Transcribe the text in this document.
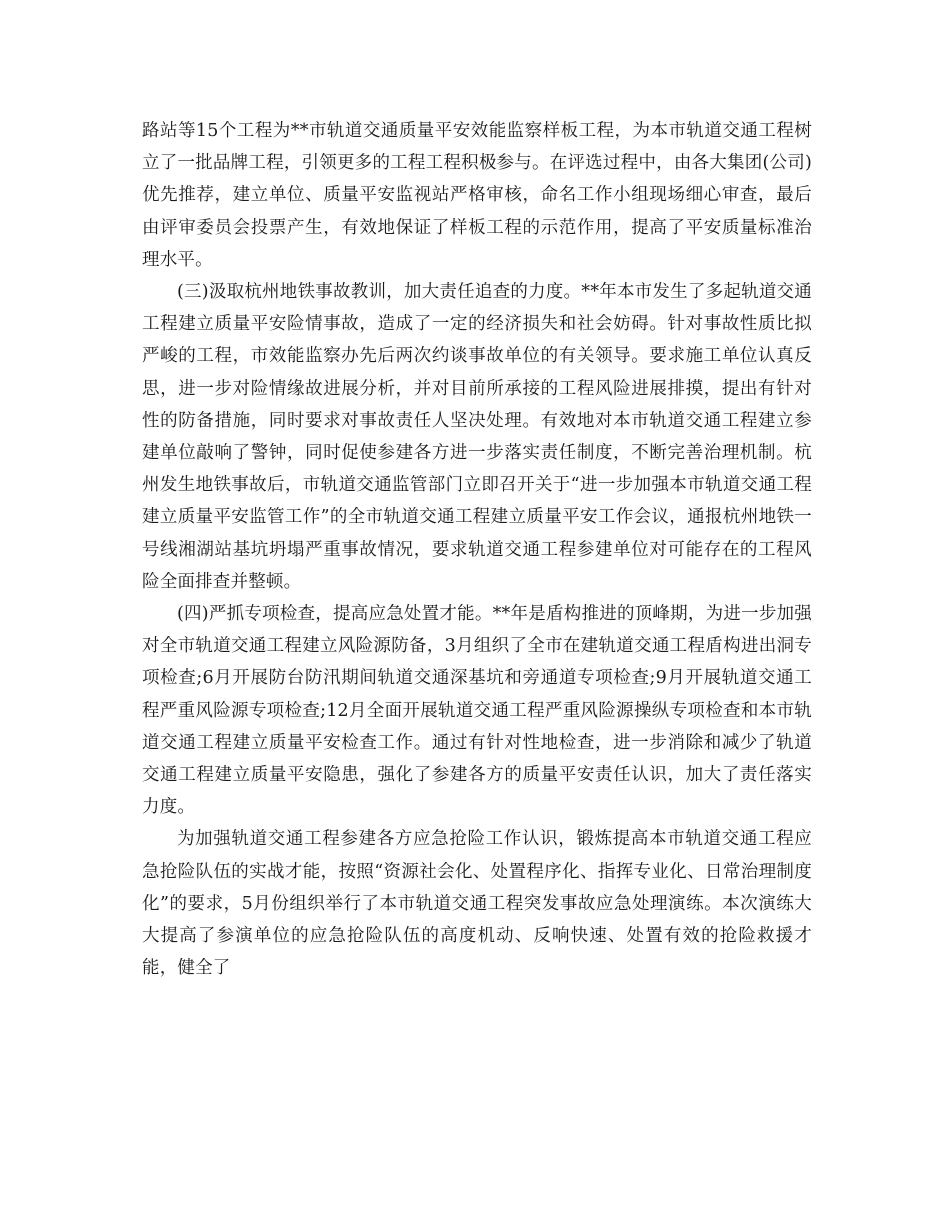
路站等15个工程为**市轨道交通质量平安效能监察样板工程，为本市轨道交通工程树立了一批品牌工程，引领更多的工程工程积极参与。在评选过程中，由各大集团(公司)优先推荐，建立单位、质量平安监视站严格审核，命名工作小组现场细心审查，最后由评审委员会投票产生，有效地保证了样板工程的示范作用，提高了平安质量标准治理水平。

(三)汲取杭州地铁事故教训，加大责任追查的力度。**年本市发生了多起轨道交通工程建立质量平安险情事故，造成了一定的经济损失和社会妨碍。针对事故性质比拟严峻的工程，市效能监察办先后两次约谈事故单位的有关领导。要求施工单位认真反思，进一步对险情缘故进展分析，并对目前所承接的工程风险进展排摸，提出有针对性的防备措施，同时要求对事故责任人坚决处理。有效地对本市轨道交通工程建立参建单位敲响了警钟，同时促使参建各方进一步落实责任制度，不断完善治理机制。杭州发生地铁事故后，市轨道交通监管部门立即召开关于“进一步加强本市轨道交通工程建立质量平安监管工作”的全市轨道交通工程建立质量平安工作会议，通报杭州地铁一号线湘湖站基坑坍塌严重事故情况，要求轨道交通工程参建单位对可能存在的工程风险全面排查并整顿。

(四)严抓专项检查，提高应急处置才能。**年是盾构推进的顶峰期，为进一步加强对全市轨道交通工程建立风险源防备，3月组织了全市在建轨道交通工程盾构进出洞专项检查;6月开展防台防汛期间轨道交通深基坑和旁通道专项检查;9月开展轨道交通工程严重风险源专项检查;12月全面开展轨道交通工程严重风险源操纵专项检查和本市轨道交通工程建立质量平安检查工作。通过有针对性地检查，进一步消除和减少了轨道交通工程建立质量平安隐患，强化了参建各方的质量平安责任认识，加大了责任落实力度。

为加强轨道交通工程参建各方应急抢险工作认识，锻炼提高本市轨道交通工程应急抢险队伍的实战才能，按照“资源社会化、处置程序化、指挥专业化、日常治理制度化”的要求，5月份组织举行了本市轨道交通工程突发事故应急处理演练。本次演练大大提高了参演单位的应急抢险队伍的高度机动、反响快速、处置有效的抢险救援才能，健全了
